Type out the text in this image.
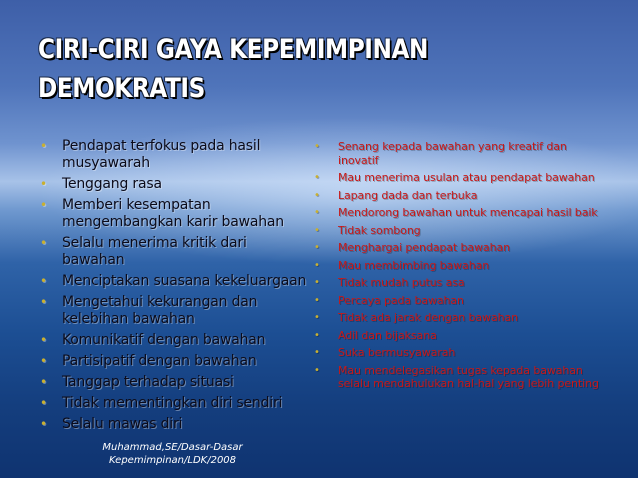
CIRI-CIRI GAYA KEPEMIMPINAN
DEMOKRATIS
• Pendapat terfokus pada hasil musyawarah
• Tenggang rasa
• Memberi kesempatan mengembangkan karir bawahan
• Selalu menerima kritik dari bawahan
• Menciptakan suasana kekeluargaan
• Mengetahui kekurangan dan kelebihan bawahan
• Komunikatif dengan bawahan
• Partisipatif dengan bawahan
• Tanggap terhadap situasi
• Tidak mementingkan diri sendiri
• Selalu mawas diri
• Senang kepada bawahan yang kreatif dan inovatif
• Mau menerima usulan atau pendapat bawahan
• Lapang dada dan terbuka
• Mendorong bawahan untuk mencapai hasil baik
• Tidak sombong
• Menghargai pendapat bawahan
• Mau membimbing bawahan
• Tidak mudah putus asa
• Percaya pada bawahan
• Tidak ada jarak dengan bawahan
• Adil dan bijaksana
• Suka bermusyawarah
• Mau mendelegasikan tugas kepada bawahan selalu mendahulukan hal-hal yang lebih penting
Muhammad,SE/Dasar-Dasar
Kepemimpinan/LDK/2008
